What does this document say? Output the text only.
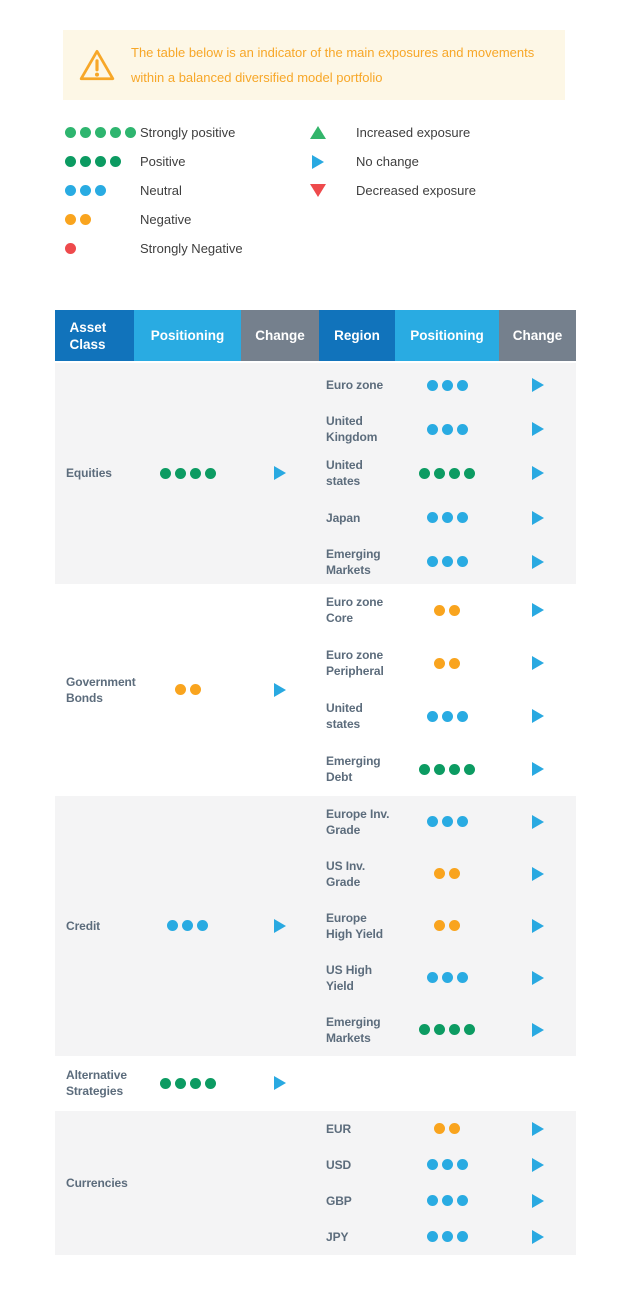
The table below is an indicator of the main exposures and movements
within a balanced diversified model portfolio
Strongly positive
Positive
Neutral
Negative
Strongly Negative
Increased exposure
No change
Decreased exposure
Asset Class
Positioning Change Region Positioning Change
Equities
Euro zone
United Kingdom
United states
Japan
Emerging Markets
Government Bonds
Euro zone Core
Euro zone Peripheral
United states
Emerging Debt
Credit
Europe Inv. Grade
US Inv. Grade
Europe High Yield
US High Yield
Emerging Markets
Alternative Strategies
Currencies
EUR
USD
GBP
JPY
